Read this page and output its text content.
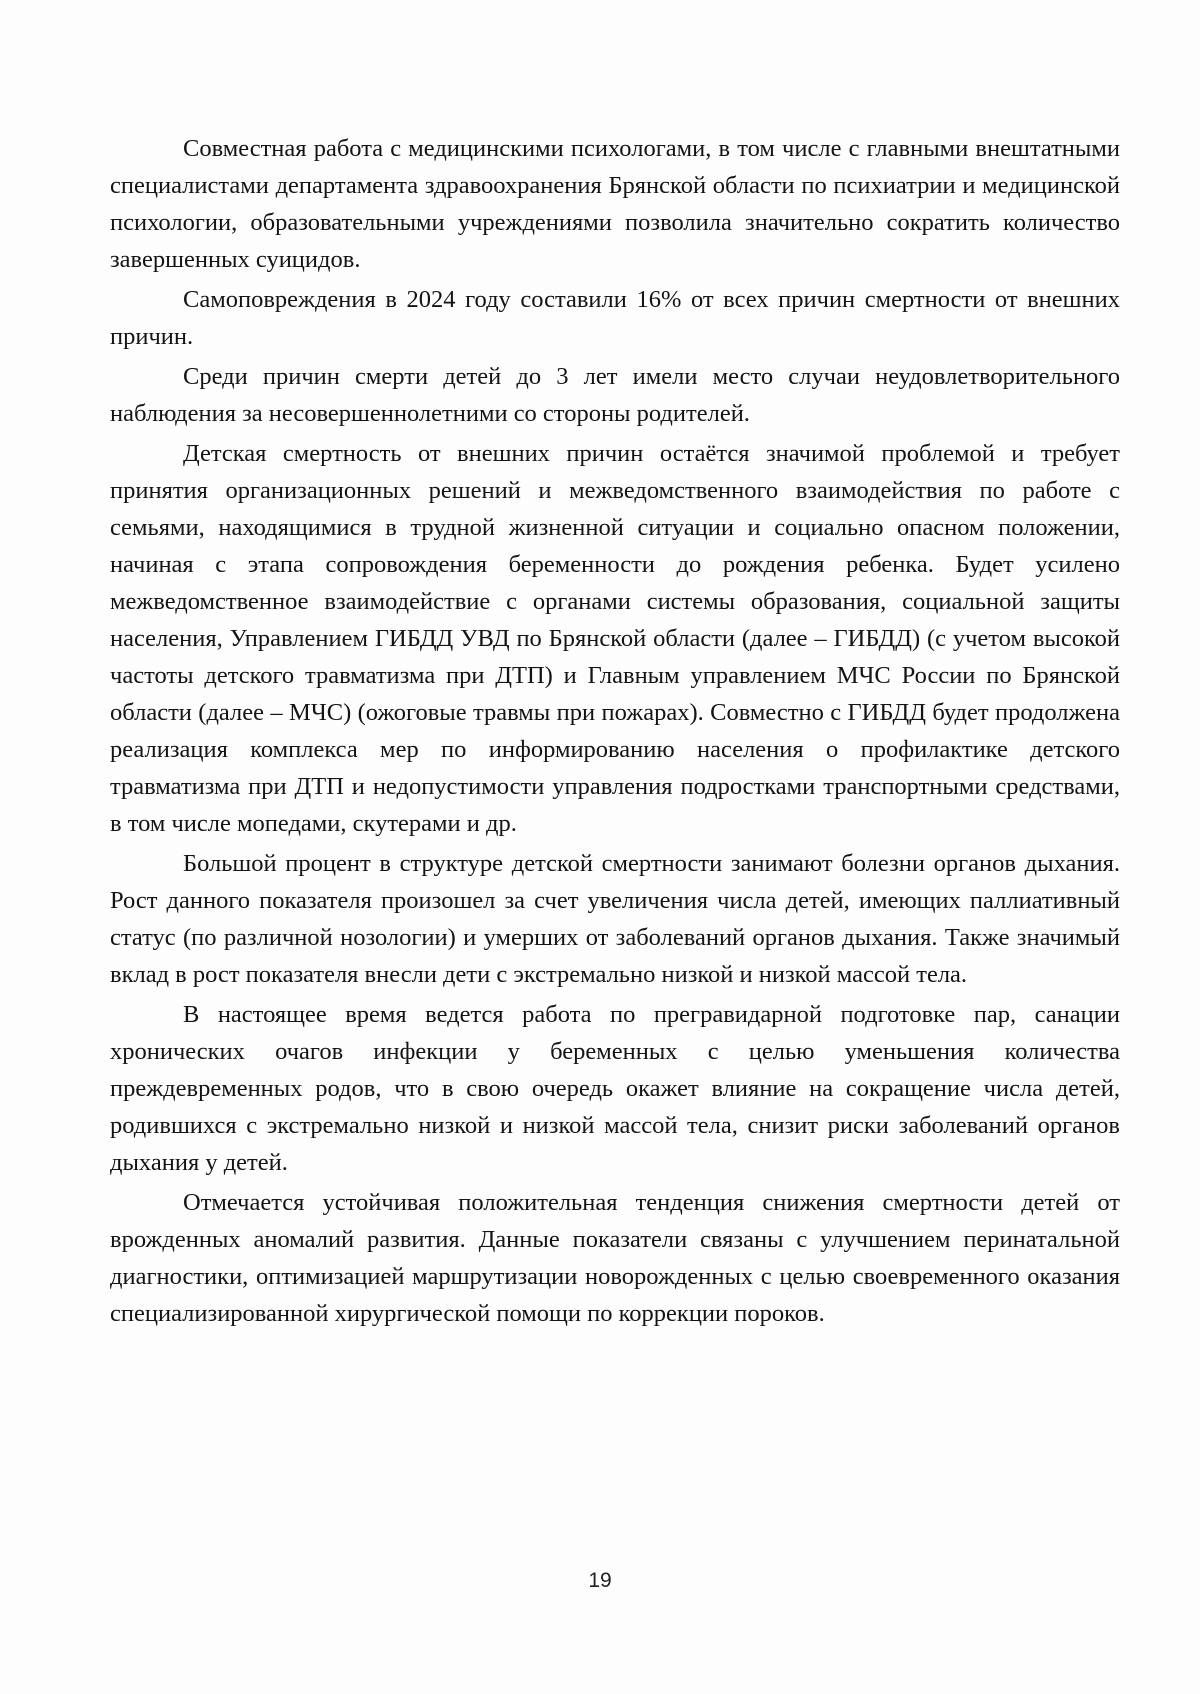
Совместная работа с медицинскими психологами, в том числе с главными внештатными специалистами департамента здравоохранения Брянской области по психиатрии и медицинской психологии, образовательными учреждениями позволила значительно сократить количество завершенных суицидов.

Самоповреждения в 2024 году составили 16% от всех причин смертности от внешних причин.

Среди причин смерти детей до 3 лет имели место случаи неудовлетворительного наблюдения за несовершеннолетними со стороны родителей.

Детская смертность от внешних причин остаётся значимой проблемой и требует принятия организационных решений и межведомственного взаимодействия по работе с семьями, находящимися в трудной жизненной ситуации и социально опасном положении, начиная с этапа сопровождения беременности до рождения ребенка. Будет усилено межведомственное взаимодействие с органами системы образования, социальной защиты населения, Управлением ГИБДД УВД по Брянской области (далее – ГИБДД) (с учетом высокой частоты детского травматизма при ДТП) и Главным управлением МЧС России по Брянской области (далее – МЧС) (ожоговые травмы при пожарах). Совместно с ГИБДД будет продолжена реализация комплекса мер по информированию населения о профилактике детского травматизма при ДТП и недопустимости управления подростками транспортными средствами, в том числе мопедами, скутерами и др.

Большой процент в структуре детской смертности занимают болезни органов дыхания. Рост данного показателя произошел за счет увеличения числа детей, имеющих паллиативный статус (по различной нозологии) и умерших от заболеваний органов дыхания. Также значимый вклад в рост показателя внесли дети с экстремально низкой и низкой массой тела.

В настоящее время ведется работа по прегравидарной подготовке пар, санации хронических очагов инфекции у беременных с целью уменьшения количества преждевременных родов, что в свою очередь окажет влияние на сокращение числа детей, родившихся с экстремально низкой и низкой массой тела, снизит риски заболеваний органов дыхания у детей.

Отмечается устойчивая положительная тенденция снижения смертности детей от врожденных аномалий развития. Данные показатели связаны с улучшением перинатальной диагностики, оптимизацией маршрутизации новорожденных с целью своевременного оказания специализированной хирургической помощи по коррекции пороков.

19
